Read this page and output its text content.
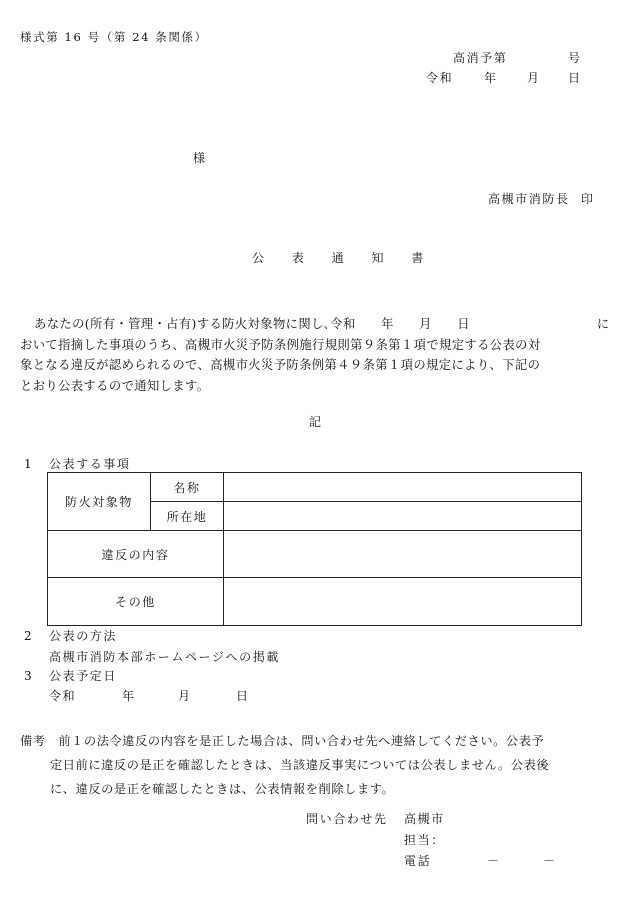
様式第 16 号（第 24 条関係）
高消予第	号
令和	年	月 日
様
高槻市消防長 印
公 表 通 知 書
あなたの(所有・管理・占有)する防火対象物に関し､令和　　年　　月　　日　　　　　　　　　　に
おいて指摘した事項のうち、高槻市火災予防条例施行規則第９条第１項で規定する公表の対
象となる違反が認められるので、高槻市火災予防条例第４９条第１項の規定により、下記の
とおり公表するので通知します。
記
1 公表する事項
防火対象物	名称	
	所在地	
違反の内容		
その他		
2 公表の方法
高槻市消防本部ホームページへの掲載
3 公表予定日
令和	年	月	日
備考　 前１の法令違反の内容を是正した場合は、問い合わせ先へ連絡してください。公表予
定日前に違反の是正を確認したときは、当該違反事実については公表しません。公表後
に、違反の是正を確認したときは、公表情報を削除します。
問い合わせ先 高槻市
担当：
電話	－	－
